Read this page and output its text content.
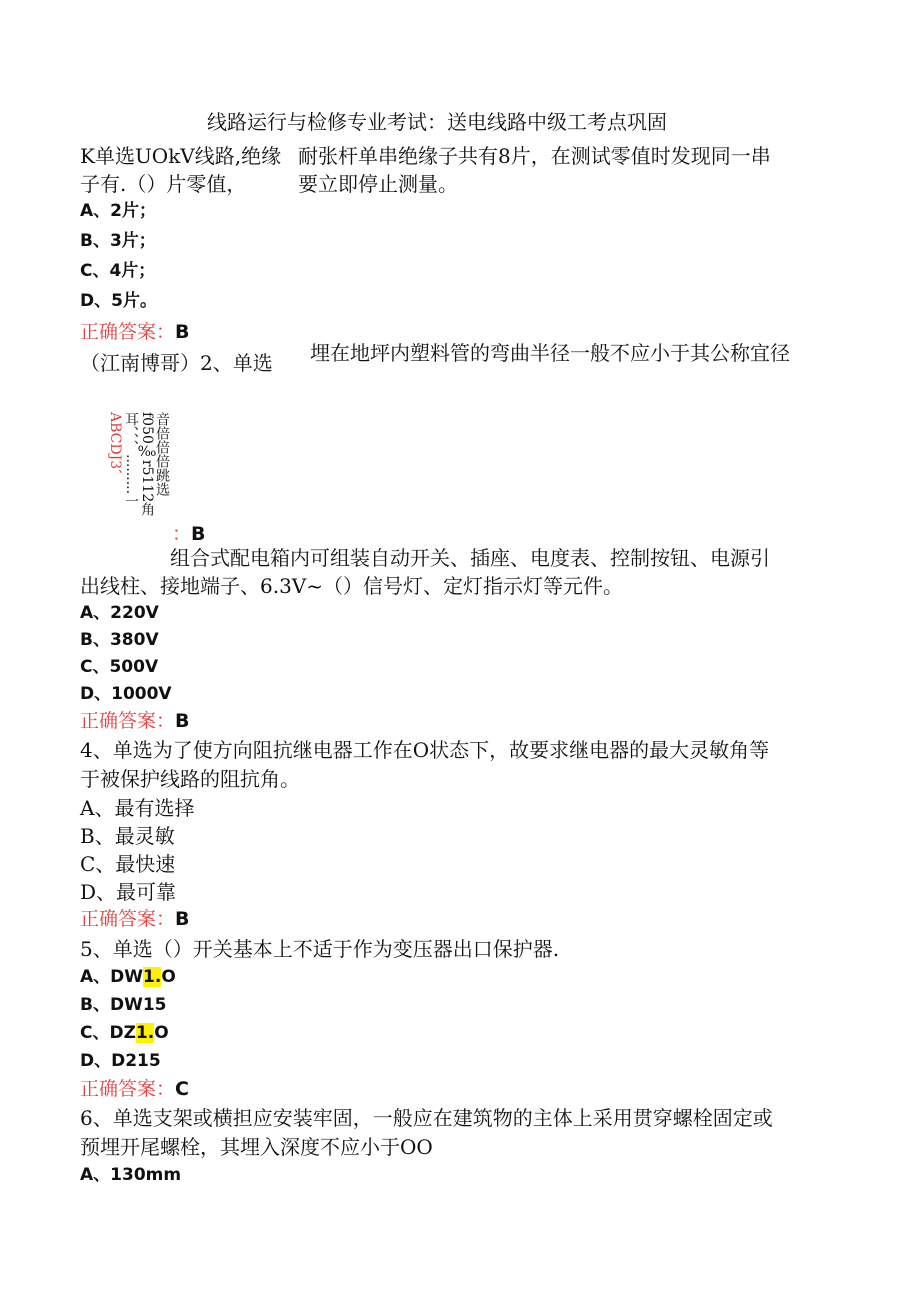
线路运行与检修专业考试：送电线路中级工考点巩固
K单选UOkV线路,绝缘 耐张杆单串绝缘子共有8片，在测试零值时发现同一串
子有.（）片零值，	要立即停止测量。
A、2片；
B、3片；
C、4片；
D、5片。
正确答案：B
（江南博哥）2、单选 埋在地坪内塑料管的弯曲半径一般不应小于其公称宜径
音倍倍倍跳选
f050‰r5112角
耳、、、.........一
ABCDJ3、
：B
组合式配电箱内可组装自动开关、插座、电度表、控制按钮、电源引
出线柱、接地端子、6.3V~（）信号灯、定灯指示灯等元件。
A、220V
B、380V
C、500V
D、1000V
正确答案：B
4、单选为了使方向阻抗继电器工作在O状态下，故要求继电器的最大灵敏角等
于被保护线路的阻抗角。
A、最有选择
B、最灵敏
C、最快速
D、最可靠
正确答案：B
5、单选（）开关基本上不适于作为变压器出口保护器.
A、DW1.O
B、DW15
C、DZ1.O
D、D215
正确答案：C
6、单选支架或横担应安装牢固，一般应在建筑物的主体上采用贯穿螺栓固定或
预埋开尾螺栓，其埋入深度不应小于OO
A、130mm
